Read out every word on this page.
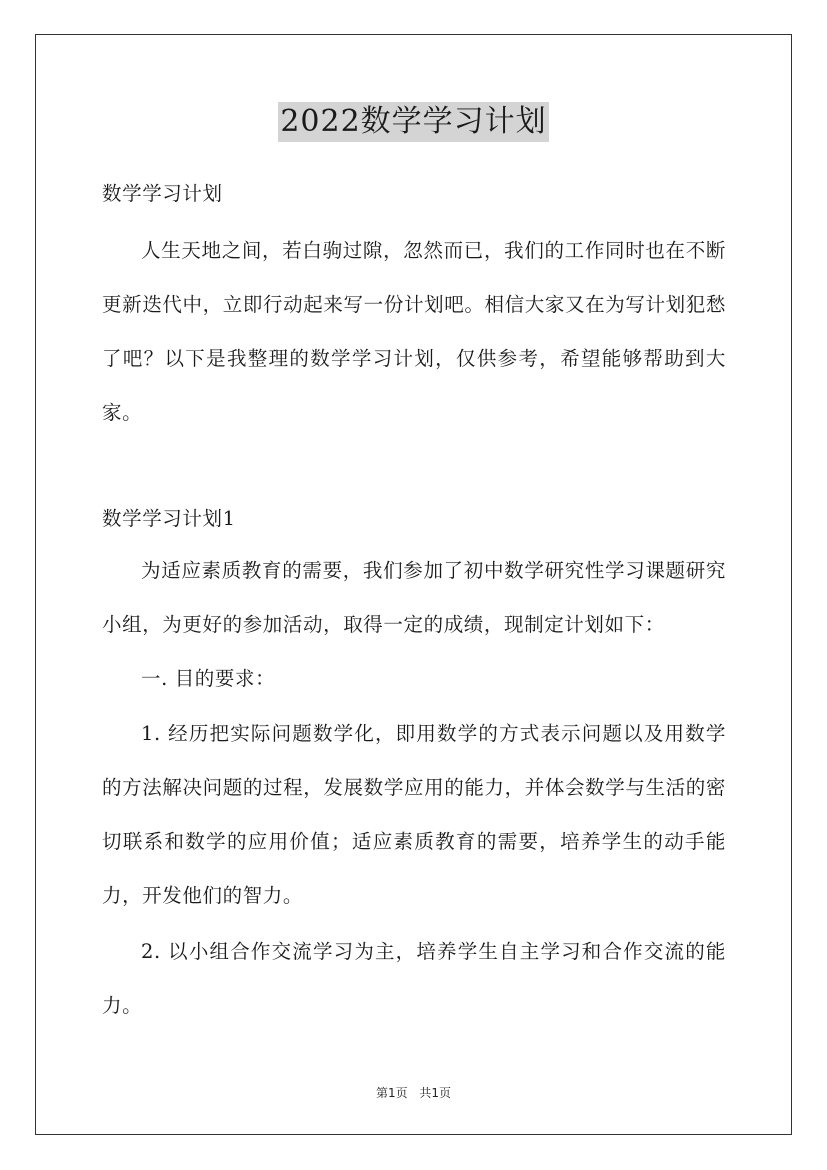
2022数学学习计划

数学学习计划

人生天地之间，若白驹过隙，忽然而已，我们的工作同时也在不断更新迭代中，立即行动起来写一份计划吧。相信大家又在为写计划犯愁了吧？以下是我整理的数学学习计划，仅供参考，希望能够帮助到大家。

数学学习计划1

为适应素质教育的需要，我们参加了初中数学研究性学习课题研究小组，为更好的参加活动，取得一定的成绩，现制定计划如下：

一. 目的要求：

1. 经历把实际问题数学化，即用数学的方式表示问题以及用数学的方法解决问题的过程，发展数学应用的能力，并体会数学与生活的密切联系和数学的应用价值；适应素质教育的需要，培养学生的动手能力，开发他们的智力。

2. 以小组合作交流学习为主，培养学生自主学习和合作交流的能力。

第1页 共1页
